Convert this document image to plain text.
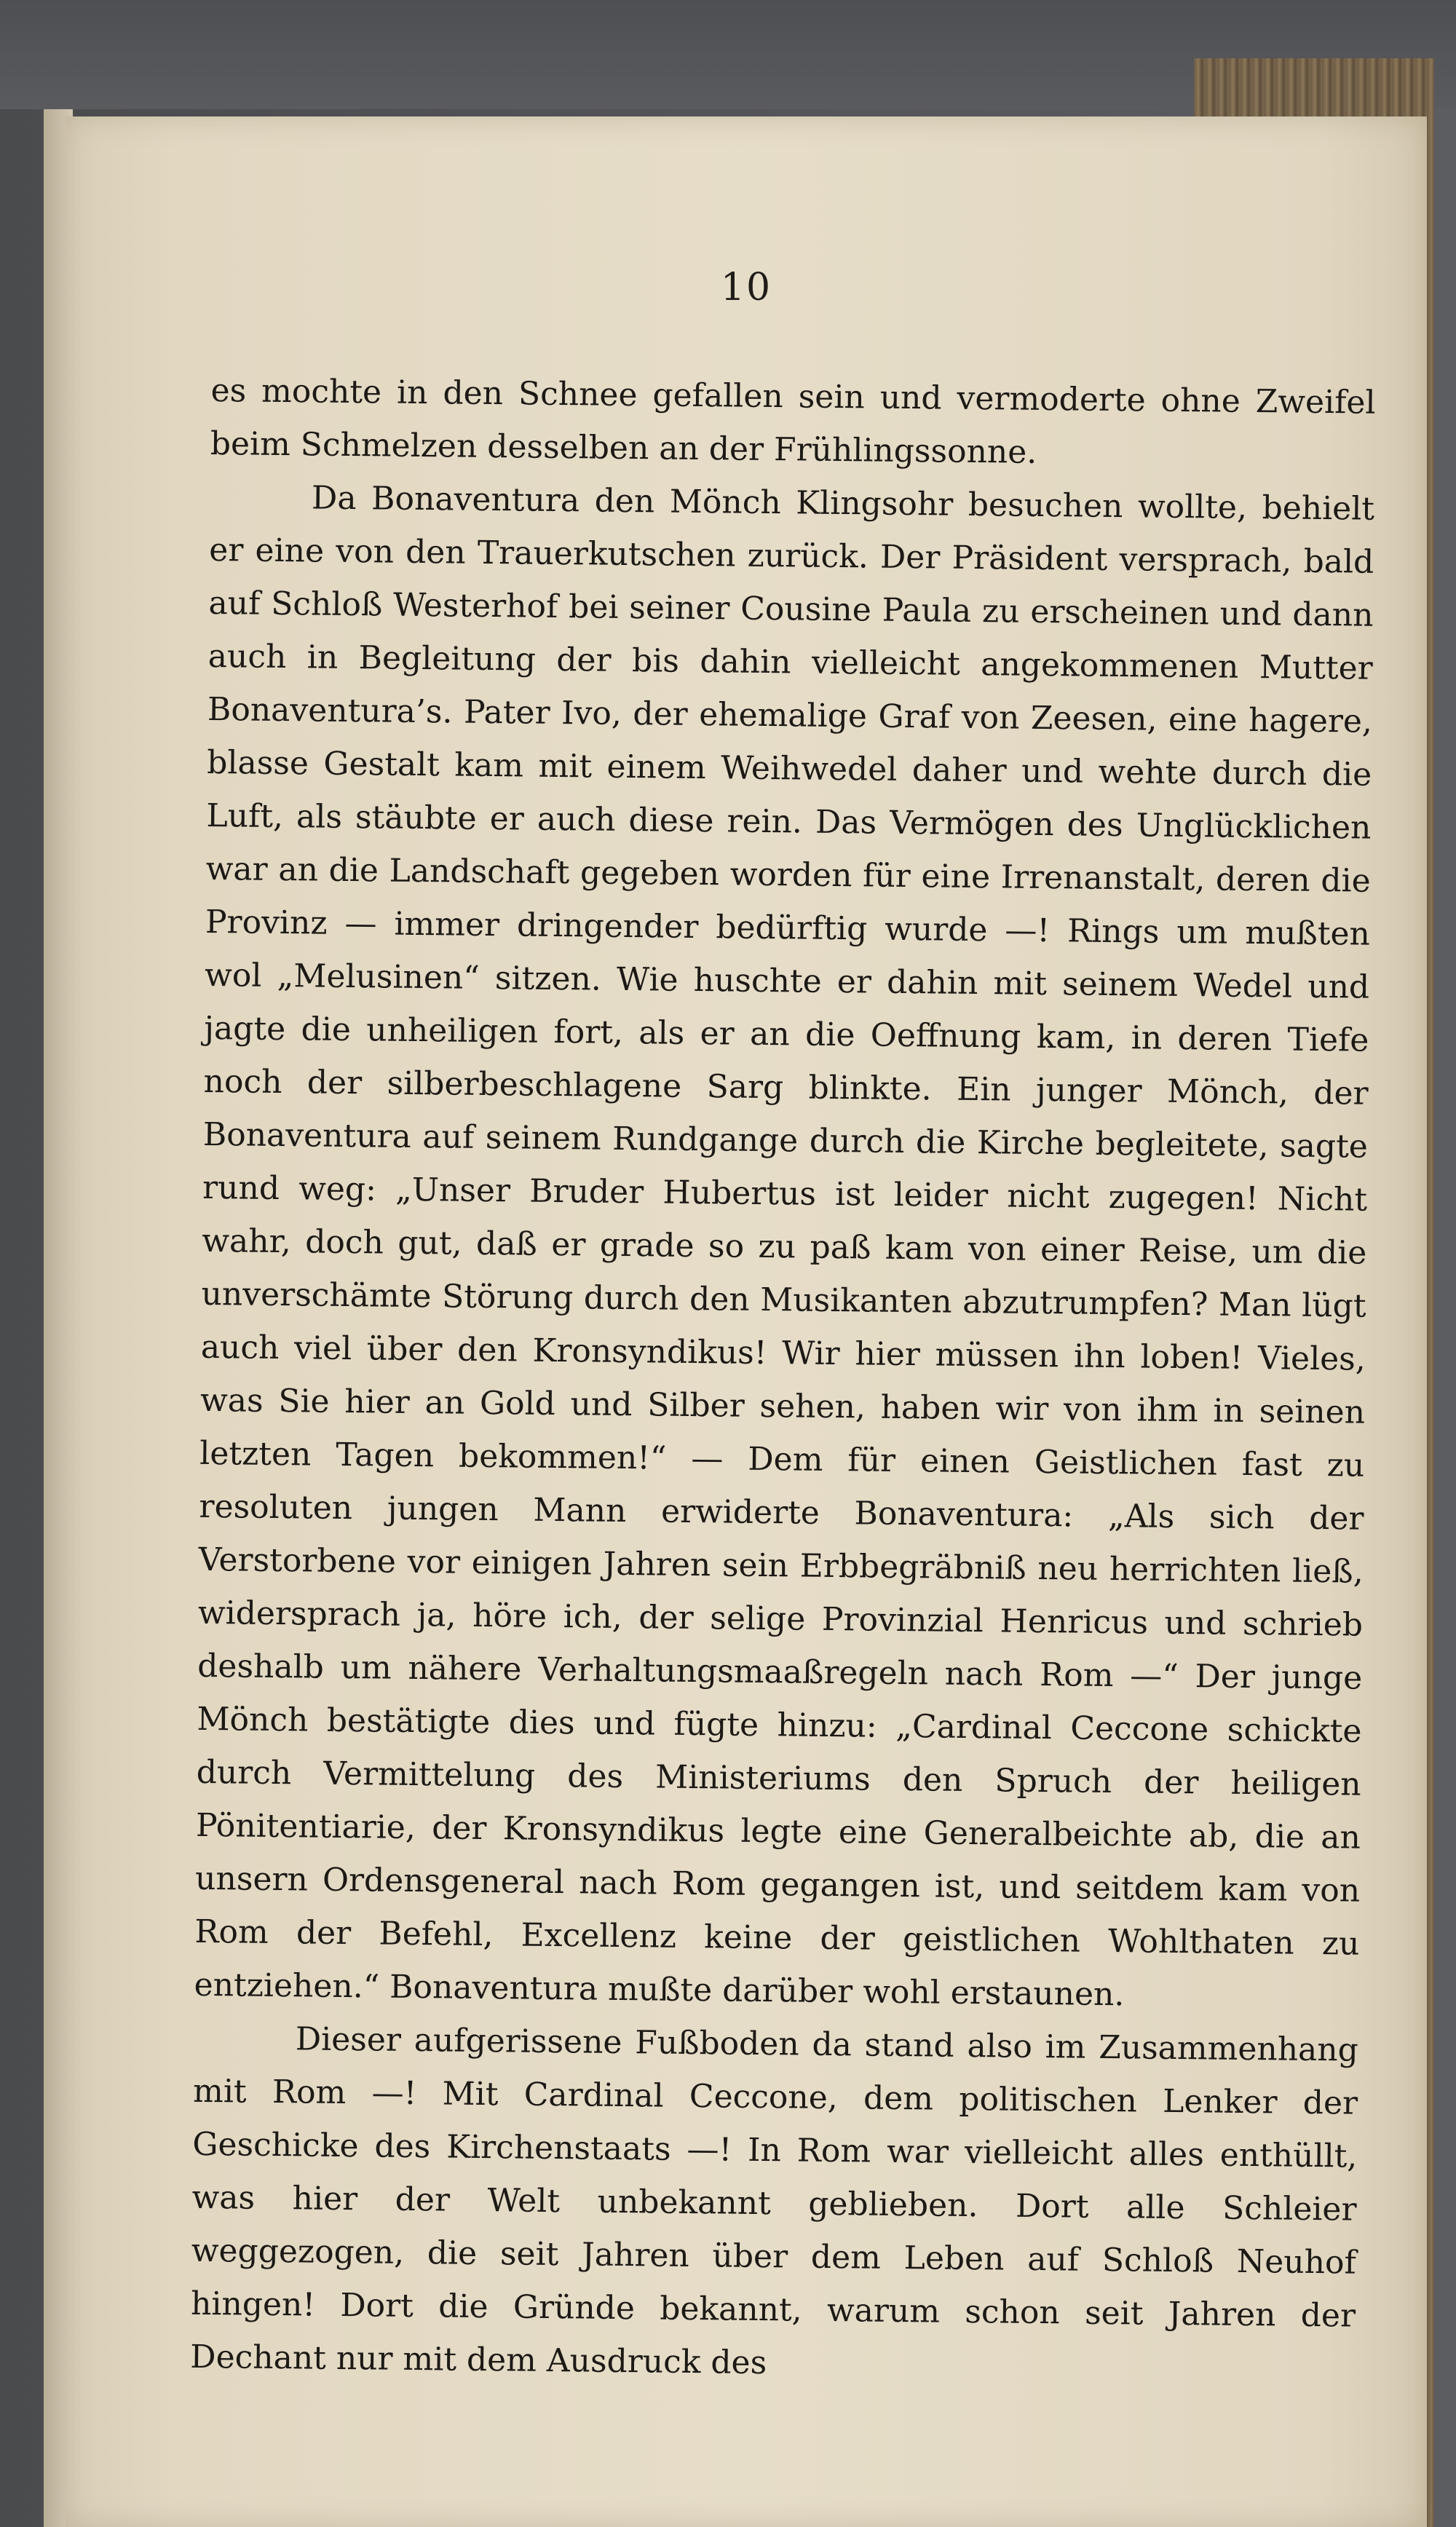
10

es mochte in den Schnee gefallen sein und vermoderte ohne Zweifel beim Schmelzen desselben an der Frühlingssonne.

Da Bonaventura den Mönch Klingsohr besuchen wollte, behielt er eine von den Trauerkutschen zurück. Der Präsident versprach, bald auf Schloß Westerhof bei seiner Cousine Paula zu erscheinen und dann auch in Begleitung der bis dahin vielleicht angekommenen Mutter Bonaventura’s. Pater Ivo, der ehemalige Graf von Zeesen, eine hagere, blasse Gestalt kam mit einem Weihwedel daher und wehte durch die Luft, als stäubte er auch diese rein. Das Vermögen des Unglücklichen war an die Landschaft gegeben worden für eine Irrenanstalt, deren die Provinz — immer dringender bedürftig wurde —! Rings um mußten wol „Melusinen“ sitzen. Wie huschte er dahin mit seinem Wedel und jagte die unheiligen fort, als er an die Oeffnung kam, in deren Tiefe noch der silberbeschlagene Sarg blinkte. Ein junger Mönch, der Bonaventura auf seinem Rundgange durch die Kirche begleitete, sagte rund weg: „Unser Bruder Hubertus ist leider nicht zugegen! Nicht wahr, doch gut, daß er grade so zu paß kam von einer Reise, um die unverschämte Störung durch den Musikanten abzutrumpfen? Man lügt auch viel über den Kronsyndikus! Wir hier müssen ihn loben! Vieles, was Sie hier an Gold und Silber sehen, haben wir von ihm in seinen letzten Tagen bekommen!“ — Dem für einen Geistlichen fast zu resoluten jungen Mann erwiderte Bonaventura: „Als sich der Verstorbene vor einigen Jahren sein Erbbegräbniß neu herrichten ließ, widersprach ja, höre ich, der selige Provinzial Henricus und schrieb deshalb um nähere Verhaltungsmaaßregeln nach Rom —“ Der junge Mönch bestätigte dies und fügte hinzu: „Cardinal Ceccone schickte durch Vermittelung des Ministeriums den Spruch der heiligen Pönitentiarie, der Kronsyndikus legte eine Generalbeichte ab, die an unsern Ordensgeneral nach Rom gegangen ist, und seitdem kam von Rom der Befehl, Excellenz keine der geistlichen Wohlthaten zu entziehen.“ Bonaventura mußte darüber wohl erstaunen.

Dieser aufgerissene Fußboden da stand also im Zusammenhang mit Rom —! Mit Cardinal Ceccone, dem politischen Lenker der Geschicke des Kirchenstaats —! In Rom war vielleicht alles enthüllt, was hier der Welt unbekannt geblieben. Dort alle Schleier weggezogen, die seit Jahren über dem Leben auf Schloß Neuhof hingen! Dort die Gründe bekannt, warum schon seit Jahren der Dechant nur mit dem Ausdruck des
